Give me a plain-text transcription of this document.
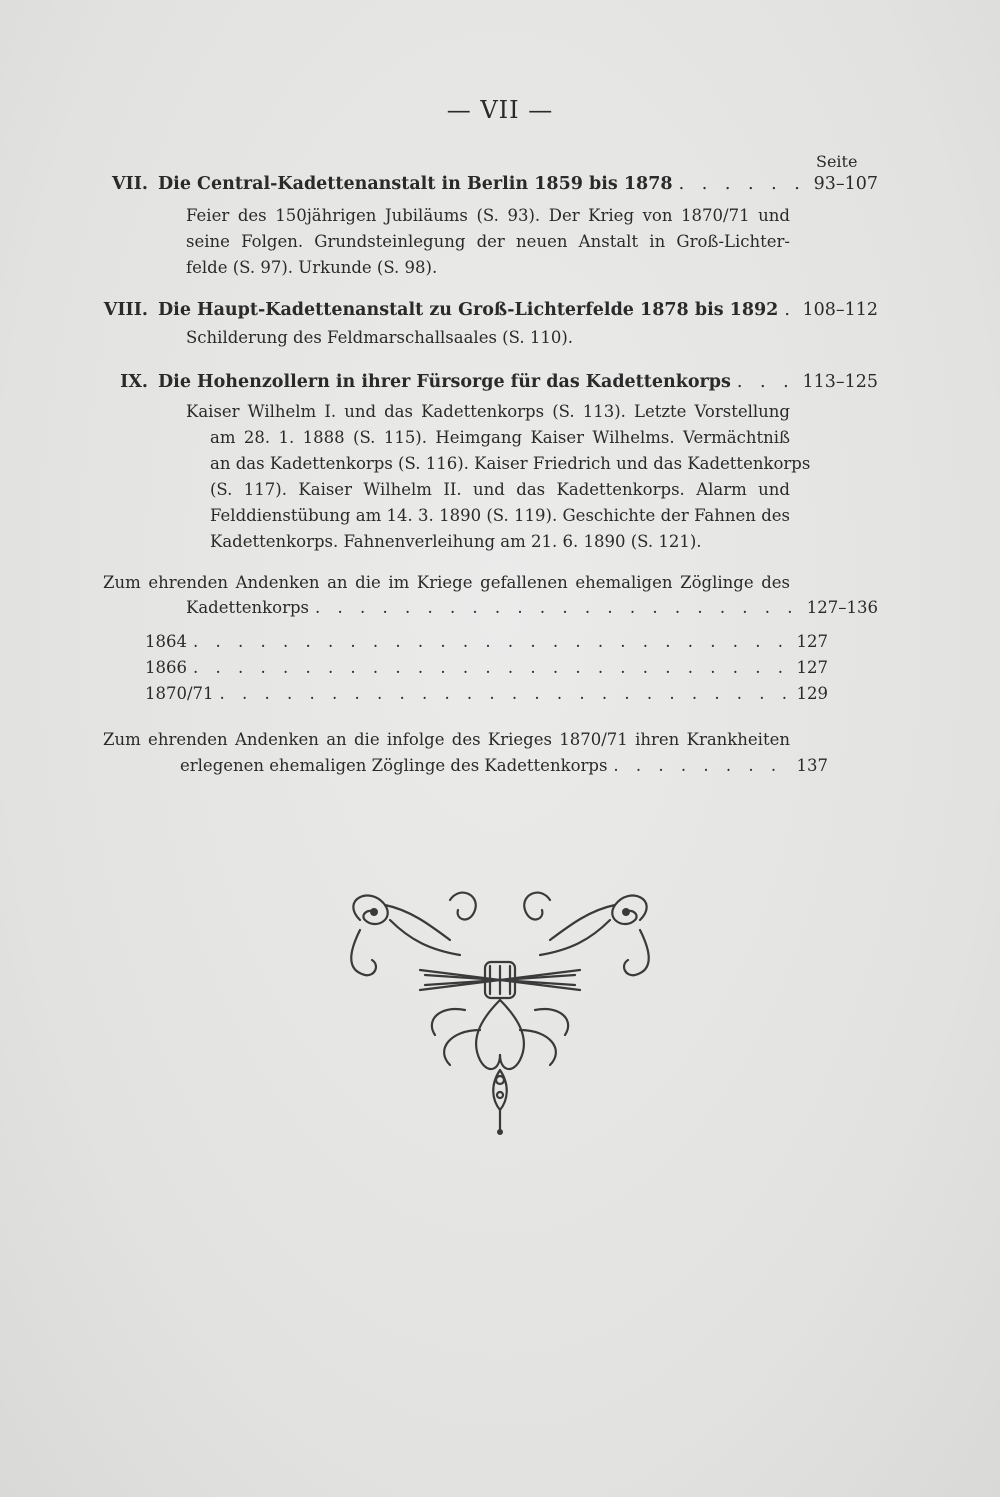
— VII —
Seite
VII. Die Central-Kadettenanstalt in Berlin 1859 bis 1878 . . .	93–107
Feier des 150jährigen Jubiläums (S. 93). Der Krieg von 1870/71 und
seine Folgen. Grundsteinlegung der neuen Anstalt in Groß-Lichter-
felde (S. 97). Urkunde (S. 98).
VIII. Die Haupt-Kadettenanstalt zu Groß-Lichterfelde 1878 bis 1892 . . . 108–112
Schilderung des Feldmarschallsaales (S. 110).
IX. Die Hohenzollern in ihrer Fürsorge für das Kadettenkorps . . .	113–125
Kaiser Wilhelm I. und das Kadettenkorps (S. 113). Letzte Vorstellung
am 28. 1. 1888 (S. 115). Heimgang Kaiser Wilhelms. Vermächtniß
an das Kadettenkorps (S. 116). Kaiser Friedrich und das Kadettenkorps
(S. 117). Kaiser Wilhelm II. und das Kadettenkorps. Alarm und
Felddienstübung am 14. 3. 1890 (S. 119). Geschichte der Fahnen des
Kadettenkorps. Fahnenverleihung am 21. 6. 1890 (S. 121).
Zum ehrenden Andenken an die im Kriege gefallenen ehemaligen Zöglinge des
Kadettenkorps . . .	127–136
1864 . . .	127
1866 . . .	127
1870/71 . . .	129
Zum ehrenden Andenken an die infolge des Krieges 1870/71 ihren Krankheiten
erlegenen ehemaligen Zöglinge des Kadettenkorps . . .	137
